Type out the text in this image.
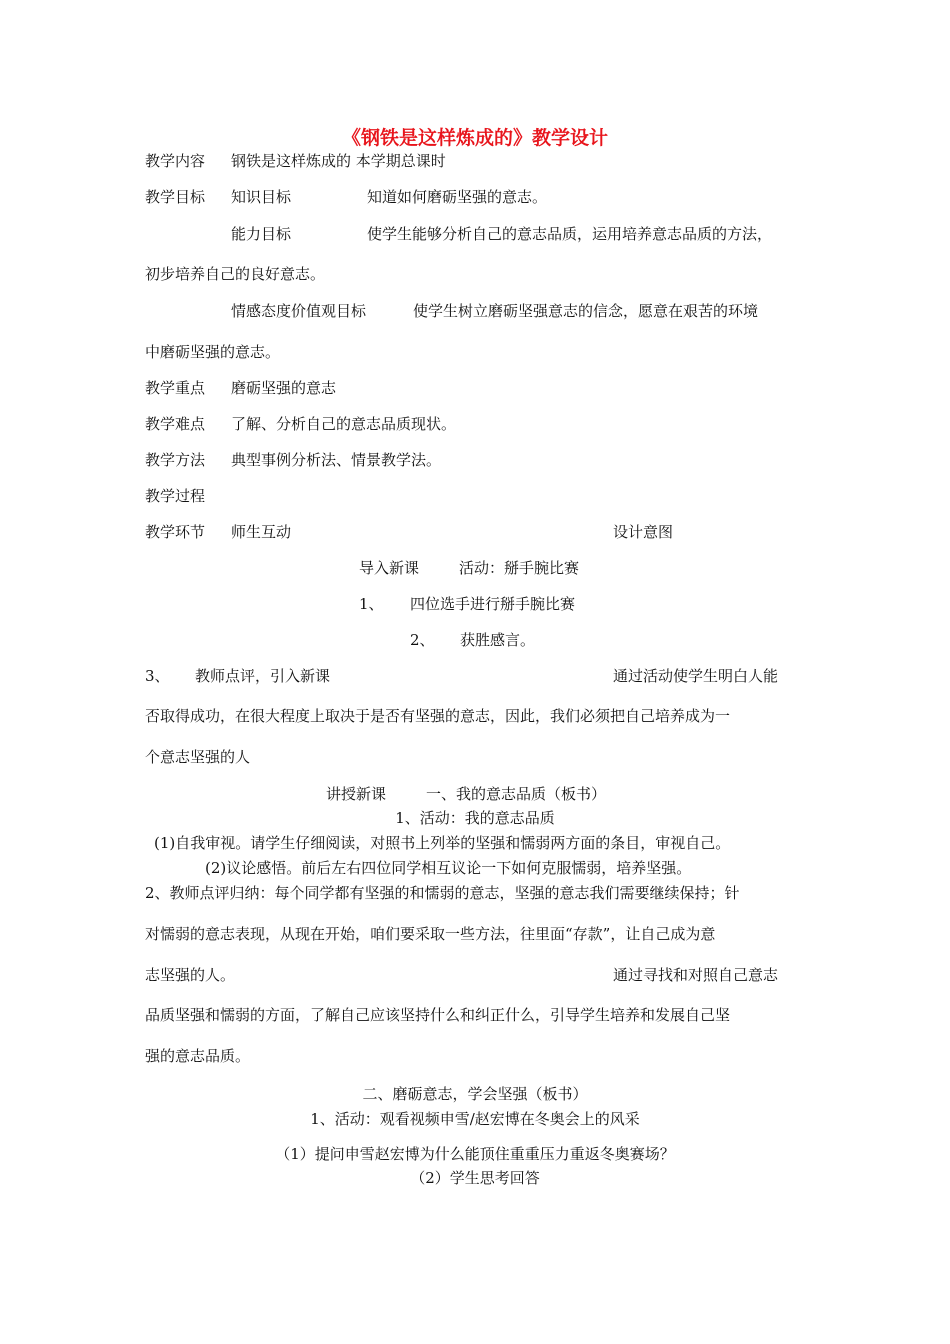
《钢铁是这样炼成的》教学设计
教学内容 钢铁是这样炼成的 本学期总课时
教学目标 知识目标	知道如何磨砺坚强的意志。
能力目标	使学生能够分析自己的意志品质，运用培养意志品质的方法，
初步培养自己的良好意志。
情感态度价值观目标	使学生树立磨砺坚强意志的信念，愿意在艰苦的环境
中磨砺坚强的意志。
教学重点 磨砺坚强的意志
教学难点 了解、分析自己的意志品质现状。
教学方法 典型事例分析法、情景教学法。
教学过程
教学环节 师生互动	设计意图
导入新课	活动：掰手腕比赛
1、 四位选手进行掰手腕比赛
2、 获胜感言。
3、 教师点评，引入新课	通过活动使学生明白人能
否取得成功，在很大程度上取决于是否有坚强的意志，因此，我们必须把自己培养成为一
个意志坚强的人
讲授新课	一、我的意志品质（板书）
1、活动：我的意志品质
(1)自我审视。请学生仔细阅读，对照书上列举的坚强和懦弱两方面的条目，审视自己。
(2)议论感悟。前后左右四位同学相互议论一下如何克服懦弱，培养坚强。
2、教师点评归纳：每个同学都有坚强的和懦弱的意志，坚强的意志我们需要继续保持；针
对懦弱的意志表现，从现在开始，咱们要采取一些方法，往里面“存款”，让自己成为意
志坚强的人。	通过寻找和对照自己意志
品质坚强和懦弱的方面，了解自己应该坚持什么和纠正什么，引导学生培养和发展自己坚
强的意志品质。
二、磨砺意志，学会坚强（板书）
1、活动：观看视频申雪/赵宏博在冬奥会上的风采
（1）提问申雪赵宏博为什么能顶住重重压力重返冬奥赛场？
（2）学生思考回答
